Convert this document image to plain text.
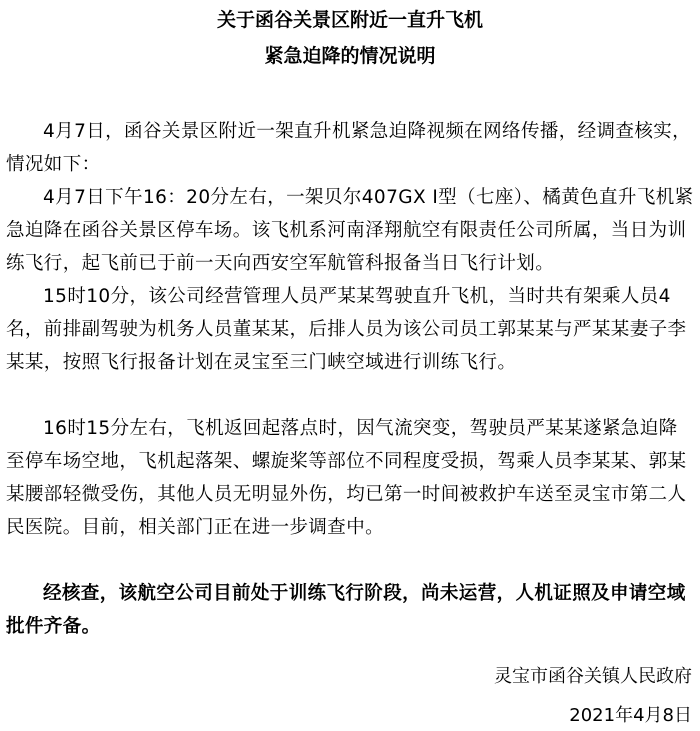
关于函谷关景区附近一直升飞机
紧急迫降的情况说明

4月7日，函谷关景区附近一架直升机紧急迫降视频在网络传播，经调查核实，情况如下：

4月7日下午16：20分左右，一架贝尔407GX Ⅰ型（七座）、橘黄色直升飞机紧急迫降在函谷关景区停车场。该飞机系河南泽翔航空有限责任公司所属，当日为训练飞行，起飞前已于前一天向西安空军航管科报备当日飞行计划。

15时10分，该公司经营管理人员严某某驾驶直升飞机，当时共有架乘人员4名，前排副驾驶为机务人员董某某，后排人员为该公司员工郭某某与严某某妻子李某某，按照飞行报备计划在灵宝至三门峡空域进行训练飞行。

16时15分左右，飞机返回起落点时，因气流突变，驾驶员严某某遂紧急迫降至停车场空地，飞机起落架、螺旋桨等部位不同程度受损，驾乘人员李某某、郭某某腰部轻微受伤，其他人员无明显外伤，均已第一时间被救护车送至灵宝市第二人民医院。目前，相关部门正在进一步调查中。

经核查，该航空公司目前处于训练飞行阶段，尚未运营，人机证照及申请空域批件齐备。

灵宝市函谷关镇人民政府
2021年4月8日
